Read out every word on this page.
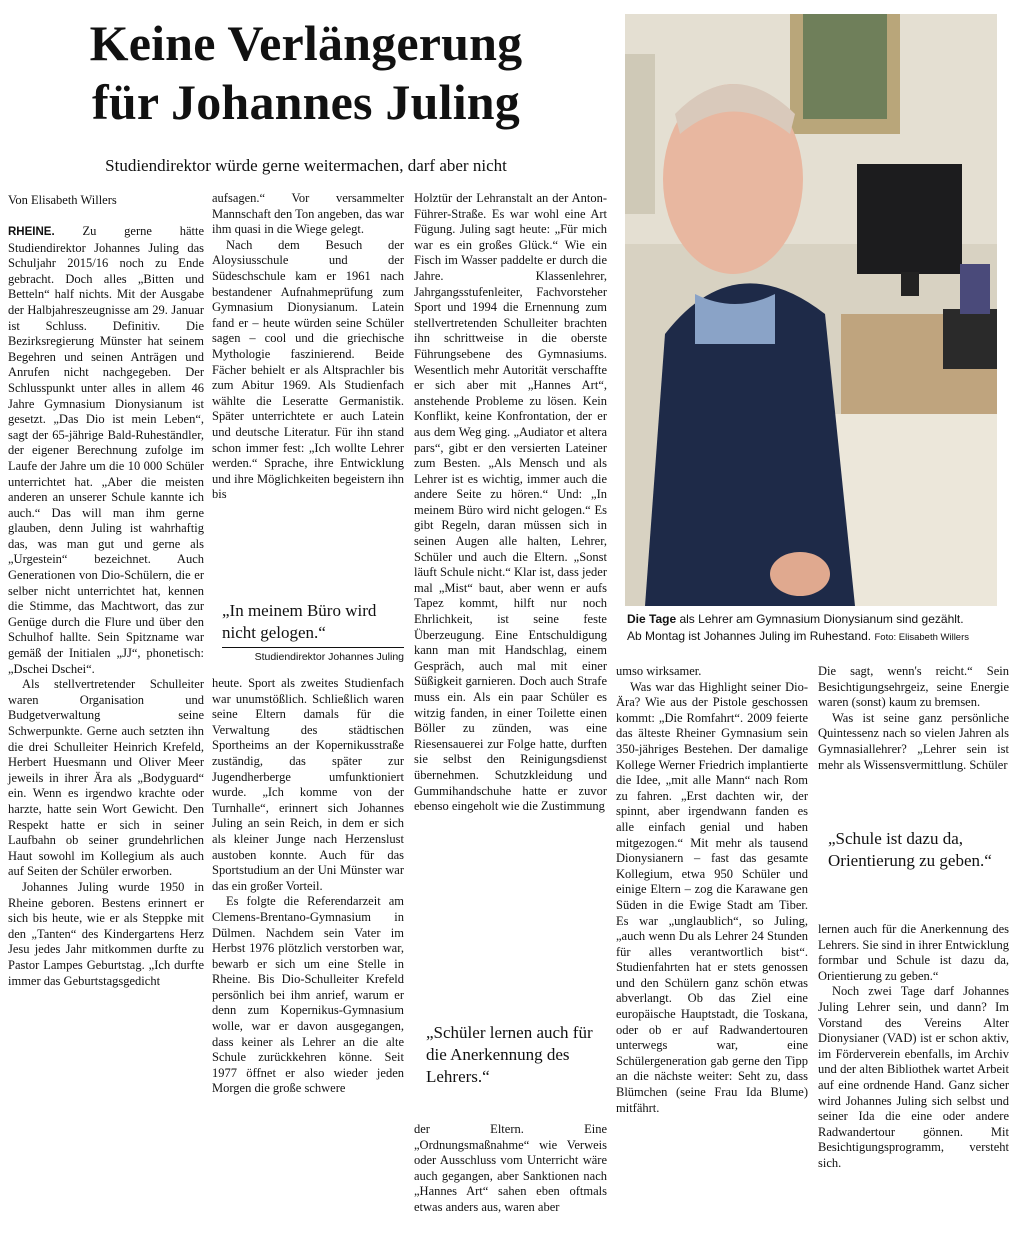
Keine Verlängerung
für Johannes Juling
Studiendirektor würde gerne weitermachen, darf aber nicht
Von Elisabeth Willers

RHEINE. Zu gerne hätte Studiendirektor Johannes Juling das Schuljahr 2015/16 noch zu Ende gebracht. Doch alles „Bitten und Betteln“ half nichts. Mit der Ausgabe der Halbjahreszeugnisse am 29. Januar ist Schluss. Definitiv. Die Bezirksregierung Münster hat seinem Begehren und seinen Anträgen und Anrufen nicht nachgegeben. Der Schlusspunkt unter alles in allem 46 Jahre Gymnasium Dionysianum ist gesetzt. „Das Dio ist mein Leben“, sagt der 65-jährige Bald-Ruheständler, der eigener Berechnung zufolge im Laufe der Jahre um die 10 000 Schüler unterrichtet hat. „Aber die meisten anderen an unserer Schule kannte ich auch.“ Das will man ihm gerne glauben, denn Juling ist wahrhaftig das, was man gut und gerne als „Urgestein“ bezeichnet. Auch Generationen von Dio-Schülern, die er selber nicht unterrichtet hat, kennen die Stimme, das Machtwort, das zur Genüge durch die Flure und über den Schulhof hallte. Sein Spitzname war gemäß der Initialen „JJ“, phonetisch: „Dschei Dschei“.

Als stellvertretender Schulleiter waren Organisation und Budgetverwaltung seine Schwerpunkte. Gerne auch setzten ihn die drei Schulleiter Heinrich Krefeld, Herbert Huesmann und Oliver Meer jeweils in ihrer Ära als „Bodyguard“ ein. Wenn es irgendwo krachte oder harzte, hatte sein Wort Gewicht. Den Respekt hatte er sich in seiner Laufbahn ob seiner grundehrlichen Haut sowohl im Kollegium als auch auf Seiten der Schüler erworben.

Johannes Juling wurde 1950 in Rheine geboren. Bestens erinnert er sich bis heute, wie er als Steppke mit den „Tanten“ des Kindergartens Herz Jesu jedes Jahr mitkommen durfte zu Pastor Lampes Geburtstag. „Ich durfte immer das Geburtstagsgedicht

aufsagen.“ Vor versammelter Mannschaft den Ton angeben, das war ihm quasi in die Wiege gelegt.

Nach dem Besuch der Aloysiusschule und der Südeschschule kam er 1961 nach bestandener Aufnahmeprüfung zum Gymnasium Dionysianum. Latein fand er – heute würden seine Schüler sagen – cool und die griechische Mythologie faszinierend. Beide Fächer behielt er als Altsprachler bis zum Abitur 1969. Als Studienfach wählte die Leseratte Germanistik. Später unterrichtete er auch Latein und deutsche Literatur. Für ihn stand schon immer fest: „Ich wollte Lehrer werden.“ Sprache, ihre Entwicklung und ihre Möglichkeiten begeistern ihn bis

„In meinem Büro wird nicht gelogen.“
Studiendirektor Johannes Juling

heute. Sport als zweites Studienfach war unumstößlich. Schließlich waren seine Eltern damals für die Verwaltung des städtischen Sportheims an der Kopernikusstraße zuständig, das später zur Jugendherberge umfunktioniert wurde. „Ich komme von der Turnhalle“, erinnert sich Johannes Juling an sein Reich, in dem er sich als kleiner Junge nach Herzenslust austoben konnte. Auch für das Sportstudium an der Uni Münster war das ein großer Vorteil.

Es folgte die Referendarzeit am Clemens-Brentano-Gymnasium in Dülmen. Nachdem sein Vater im Herbst 1976 plötzlich verstorben war, bewarb er sich um eine Stelle in Rheine. Bis Dio-Schulleiter Krefeld persönlich bei ihm anrief, warum er denn zum Kopernikus-Gymnasium wolle, war er davon ausgegangen, dass keiner als Lehrer an die alte Schule zurückkehren könne. Seit 1977 öffnet er also wieder jeden Morgen die große schwere

Holztür der Lehranstalt an der Anton-Führer-Straße. Es war wohl eine Art Fügung. Juling sagt heute: „Für mich war es ein großes Glück.“ Wie ein Fisch im Wasser paddelte er durch die Jahre. Klassenlehrer, Jahrgangsstufenleiter, Fachvorsteher Sport und 1994 die Ernennung zum stellvertretenden Schulleiter brachten ihn schrittweise in die oberste Führungsebene des Gymnasiums. Wesentlich mehr Autorität verschaffte er sich aber mit „Hannes Art“, anstehende Probleme zu lösen. Kein Konflikt, keine Konfrontation, der er aus dem Weg ging. „Audiator et altera pars“, gibt er den versierten Lateiner zum Besten. „Als Mensch und als Lehrer ist es wichtig, immer auch die andere Seite zu hören.“ Und: „In meinem Büro wird nicht gelogen.“ Es gibt Regeln, daran müssen sich in seinen Augen alle halten, Lehrer, Schüler und auch die Eltern. „Sonst läuft Schule nicht.“ Klar ist, dass jeder mal „Mist“ baut, aber wenn er aufs Tapez kommt, hilft nur noch Ehrlichkeit, ist seine feste Überzeugung. Eine Entschuldigung kann man mit Handschlag, einem Gespräch, auch mal mit einer Süßigkeit garnieren. Doch auch Strafe muss ein. Als ein paar Schüler es witzig fanden, in einer Toilette einen Böller zu zünden, was eine Riesensauerei zur Folge hatte, durften sie selbst den Reinigungsdienst übernehmen. Schutzkleidung und Gummihandschuhe hatte er zuvor ebenso eingeholt wie die Zustimmung

„Schüler lernen auch für die Anerkennung des Lehrers.“

der Eltern. Eine „Ordnungsmaßnahme“ wie Verweis oder Ausschluss vom Unterricht wäre auch gegangen, aber Sanktionen nach „Hannes Art“ sahen eben oftmals etwas anders aus, waren aber

Die Tage als Lehrer am Gymnasium Dionysianum sind gezählt.
Ab Montag ist Johannes Juling im Ruhestand. Foto: Elisabeth Willers

umso wirksamer.

Was war das Highlight seiner Dio-Ära? Wie aus der Pistole geschossen kommt: „Die Romfahrt“. 2009 feierte das älteste Rheiner Gymnasium sein 350-jähriges Bestehen. Der damalige Kollege Werner Friedrich implantierte die Idee, „mit alle Mann“ nach Rom zu fahren. „Erst dachten wir, der spinnt, aber irgendwann fanden es alle einfach genial und haben mitgezogen.“ Mit mehr als tausend Dionysianern – fast das gesamte Kollegium, etwa 950 Schüler und einige Eltern – zog die Karawane gen Süden in die Ewige Stadt am Tiber. Es war „unglaublich“, so Juling, „auch wenn Du als Lehrer 24 Stunden für alles verantwortlich bist“. Studienfahrten hat er stets genossen und den Schülern ganz schön etwas abverlangt. Ob das Ziel eine europäische Hauptstadt, die Toskana, oder ob er auf Radwandertouren unterwegs war, eine Schülergeneration gab gerne den Tipp an die nächste weiter: Seht zu, dass Blümchen (seine Frau Ida Blume) mitfährt.

Die sagt, wenn's reicht.“ Sein Besichtigungsehrgeiz, seine Energie waren (sonst) kaum zu bremsen.

Was ist seine ganz persönliche Quintessenz nach so vielen Jahren als Gymnasiallehrer? „Lehrer sein ist mehr als Wissensvermittlung. Schüler

„Schule ist dazu da, Orientierung zu geben.“

lernen auch für die Anerkennung des Lehrers. Sie sind in ihrer Entwicklung formbar und Schule ist dazu da, Orientierung zu geben.“

Noch zwei Tage darf Johannes Juling Lehrer sein, und dann? Im Vorstand des Vereins Alter Dionysianer (VAD) ist er schon aktiv, im Förderverein ebenfalls, im Archiv und der alten Bibliothek wartet Arbeit auf eine ordnende Hand. Ganz sicher wird Johannes Juling sich selbst und seiner Ida die eine oder andere Radwandertour gönnen. Mit Besichtigungsprogramm, versteht sich.
